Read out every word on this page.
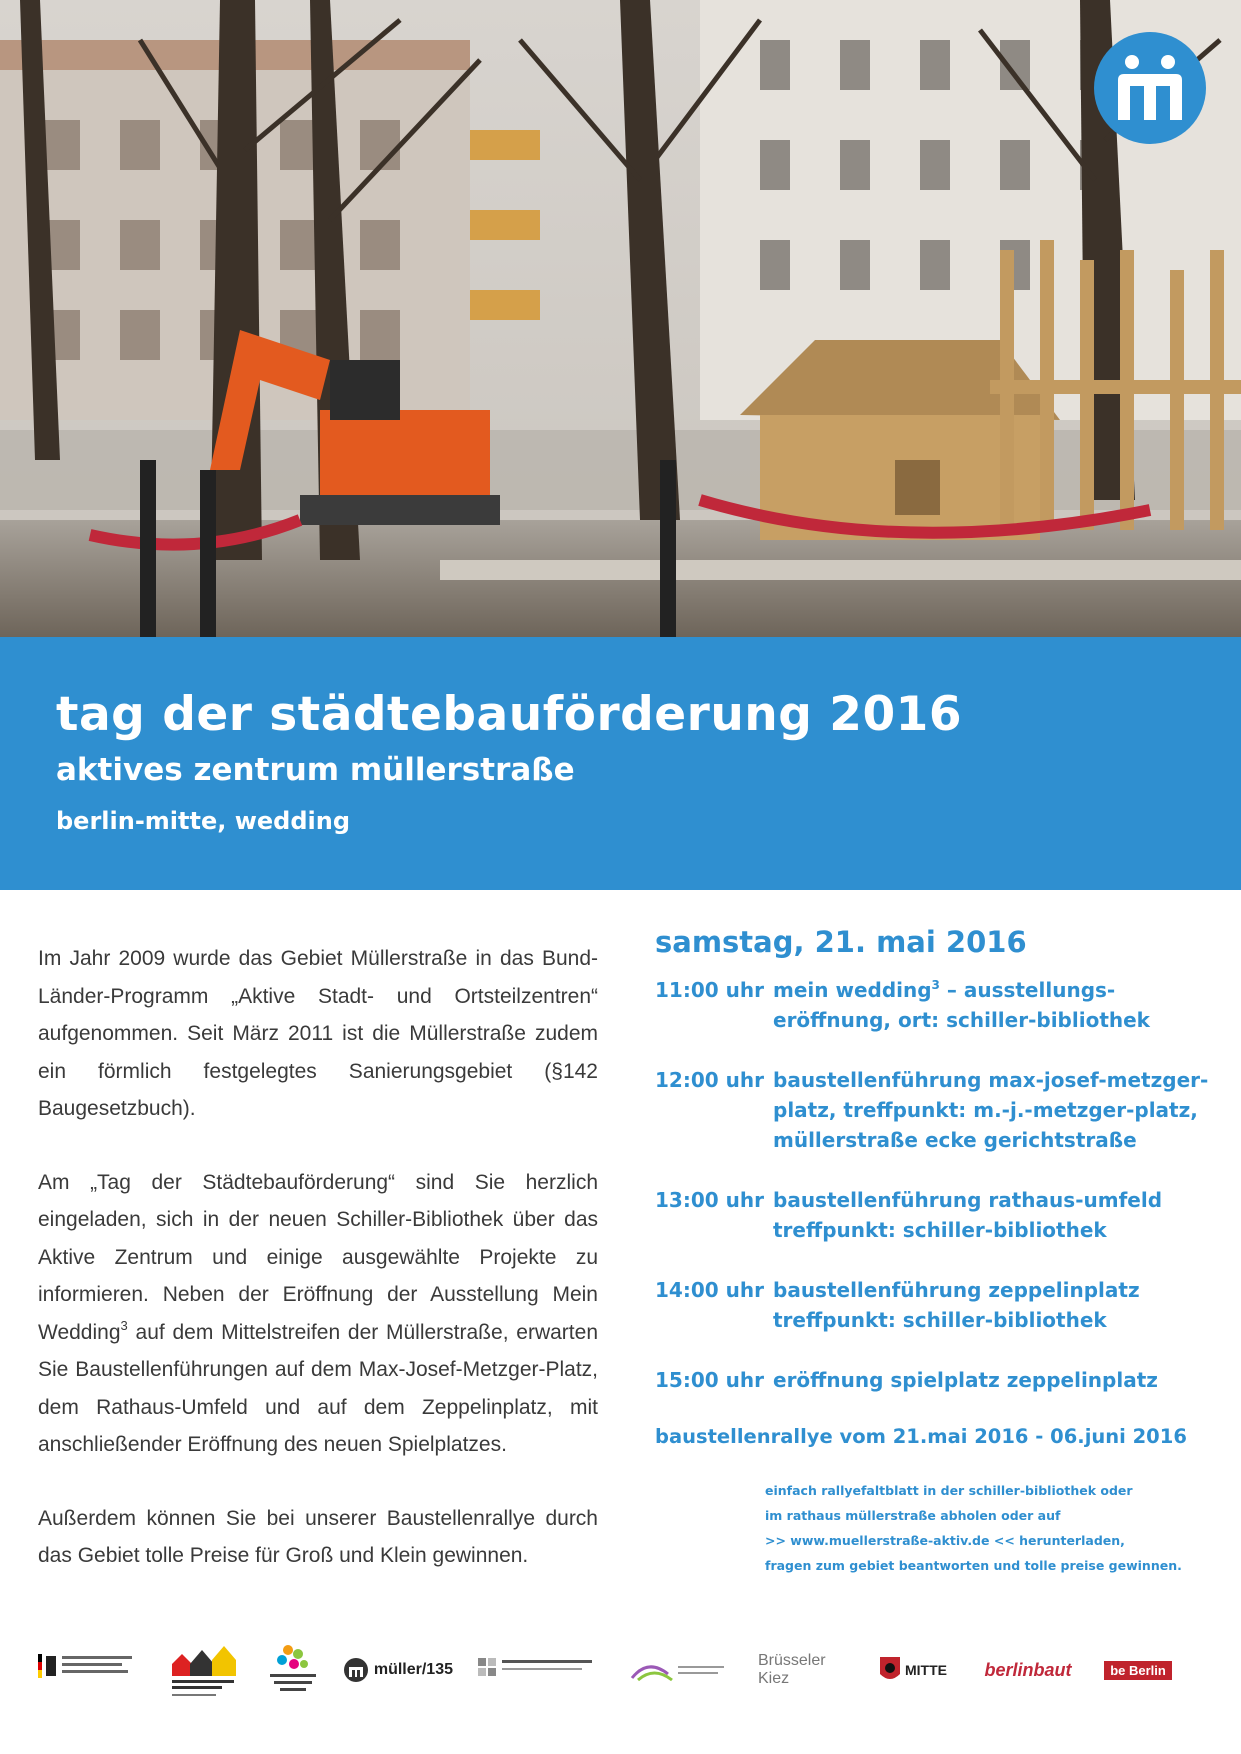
tag der städtebauförderung 2016
aktives zentrum müllerstraße
berlin-mitte, wedding

Im Jahr 2009 wurde das Gebiet Müllerstraße in das Bund-Länder-Programm „Aktive Stadt- und Ortsteilzentren“ aufgenommen. Seit März 2011 ist die Müllerstraße zudem ein förmlich festgelegtes Sanierungsgebiet (§142 Baugesetzbuch).

Am „Tag der Städtebauförderung“ sind Sie herzlich eingeladen, sich in der neuen Schiller-Bibliothek über das Aktive Zentrum und einige ausgewählte Projekte zu informieren. Neben der Eröffnung der Ausstellung Mein Wedding$^3$ auf dem Mittelstreifen der Müllerstraße, erwarten Sie Baustellenführungen auf dem Max-Josef-Metzger-Platz, dem Rathaus-Umfeld und auf dem Zeppelinplatz, mit anschließender Eröffnung des neuen Spielplatzes.

Außerdem können Sie bei unserer Baustellenrallye durch das Gebiet tolle Preise für Groß und Klein gewinnen.

samstag, 21. mai 2016
11:00 uhr mein wedding$^3$ – ausstellungs-
eröffnung, ort: schiller-bibliothek
12:00 uhr baustellenführung max-josef-metzger-
platz, treffpunkt: m.-j.-metzger-platz,
müllerstraße ecke gerichtstraße
13:00 uhr baustellenführung rathaus-umfeld
treffpunkt: schiller-bibliothek
14:00 uhr baustellenführung zeppelinplatz
treffpunkt: schiller-bibliothek
15:00 uhr eröffnung spielplatz zeppelinplatz
baustellenrallye vom 21.mai 2016 - 06.juni 2016
einfach rallyefaltblatt in der schiller-bibliothek oder
im rathaus müllerstraße abholen oder auf
>> www.muellerstraße-aktiv.de << herunterladen,
fragen zum gebiet beantworten und tolle preise gewinnen.
müller/135
Brüsseler
Kiez	MITTE berlinbaut	be Berlin
